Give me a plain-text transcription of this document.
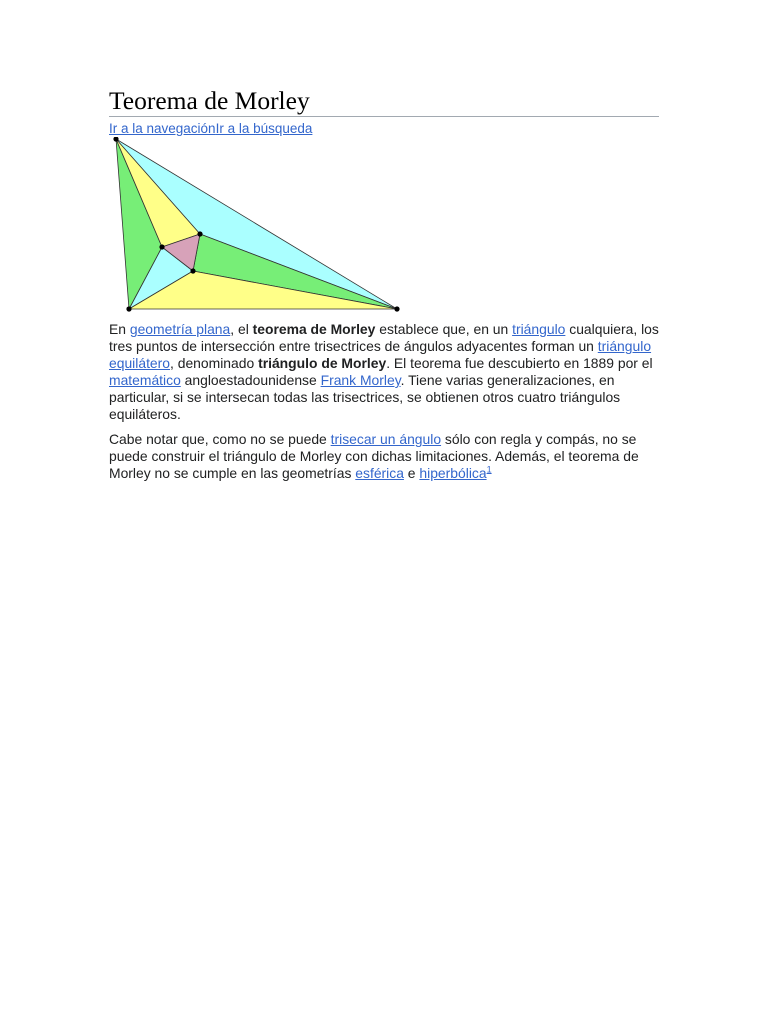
Teorema de Morley
Ir a la navegaciónIr a la búsqueda

En geometría plana, el teorema de Morley establece que, en un triángulo cualquiera, los tres puntos de intersección entre trisectrices de ángulos adyacentes forman un triángulo equilátero, denominado triángulo de Morley. El teorema fue descubierto en 1889 por el matemático angloestadounidense Frank Morley. Tiene varias generalizaciones, en particular, si se intersecan todas las trisectrices, se obtienen otros cuatro triángulos equiláteros.

Cabe notar que, como no se puede trisecar un ángulo sólo con regla y compás, no se puede construir el triángulo de Morley con dichas limitaciones. Además, el teorema de Morley no se cumple en las geometrías esférica e hiperbólica$^1$
